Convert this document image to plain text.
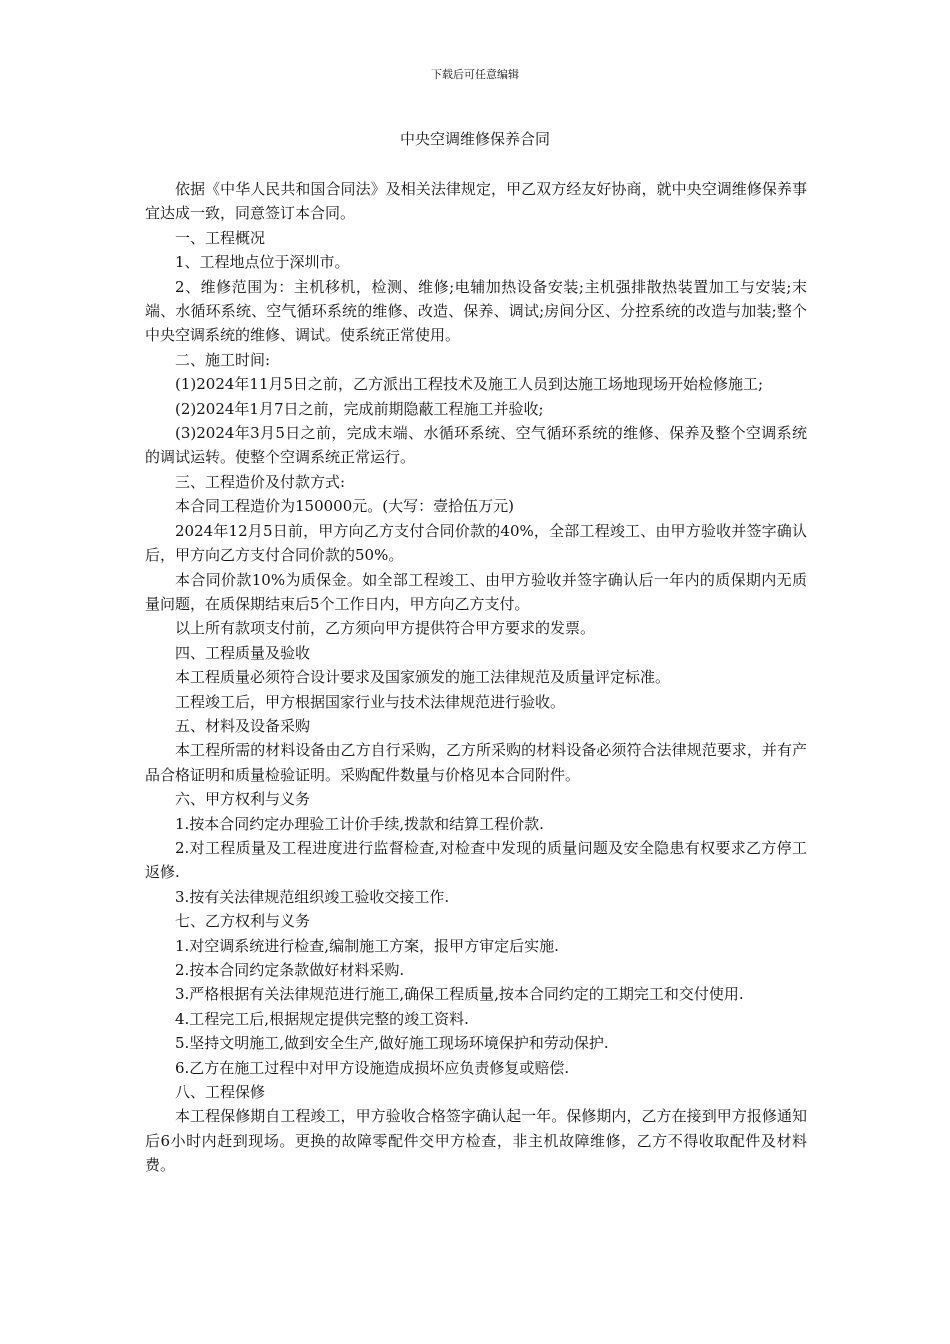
下载后可任意编辑
中央空调维修保养合同

依据《中华人民共和国合同法》及相关法律规定，甲乙双方经友好协商，就中央空调维修保养事宜达成一致，同意签订本合同。

一、工程概况

1、工程地点位于深圳市。

2、维修范围为：主机移机，检测、维修;电辅加热设备安装;主机强排散热装置加工与安装;末端、水循环系统、空气循环系统的维修、改造、保养、调试;房间分区、分控系统的改造与加装;整个中央空调系统的维修、调试。使系统正常使用。

二、施工时间:

(1)2024年11月5日之前，乙方派出工程技术及施工人员到达施工场地现场开始检修施工;

(2)2024年1月7日之前，完成前期隐蔽工程施工并验收;

(3)2024年3月5日之前，完成末端、水循环系统、空气循环系统的维修、保养及整个空调系统的调试运转。使整个空调系统正常运行。

三、工程造价及付款方式:

本合同工程造价为150000元。(大写：壹拾伍万元)

2024年12月5日前，甲方向乙方支付合同价款的40%，全部工程竣工、由甲方验收并签字确认后，甲方向乙方支付合同价款的50%。

本合同价款10%为质保金。如全部工程竣工、由甲方验收并签字确认后一年内的质保期内无质量问题，在质保期结束后5个工作日内，甲方向乙方支付。

以上所有款项支付前，乙方须向甲方提供符合甲方要求的发票。

四、工程质量及验收

本工程质量必须符合设计要求及国家颁发的施工法律规范及质量评定标准。

工程竣工后，甲方根据国家行业与技术法律规范进行验收。

五、材料及设备采购

本工程所需的材料设备由乙方自行采购，乙方所采购的材料设备必须符合法律规范要求，并有产品合格证明和质量检验证明。采购配件数量与价格见本合同附件。

六、甲方权利与义务

1.按本合同约定办理验工计价手续,拨款和结算工程价款.

2.对工程质量及工程进度进行监督检查,对检查中发现的质量问题及安全隐患有权要求乙方停工返修.

3.按有关法律规范组织竣工验收交接工作.

七、乙方权利与义务

1.对空调系统进行检查,编制施工方案，报甲方审定后实施.

2.按本合同约定条款做好材料采购.

3.严格根据有关法律规范进行施工,确保工程质量,按本合同约定的工期完工和交付使用.

4.工程完工后,根据规定提供完整的竣工资料.

5.坚持文明施工,做到安全生产,做好施工现场环境保护和劳动保护.

6.乙方在施工过程中对甲方设施造成损坏应负责修复或赔偿.

八、工程保修

本工程保修期自工程竣工，甲方验收合格签字确认起一年。保修期内，乙方在接到甲方报修通知后6小时内赶到现场。更换的故障零配件交甲方检查，非主机故障维修，乙方不得收取配件及材料费。
